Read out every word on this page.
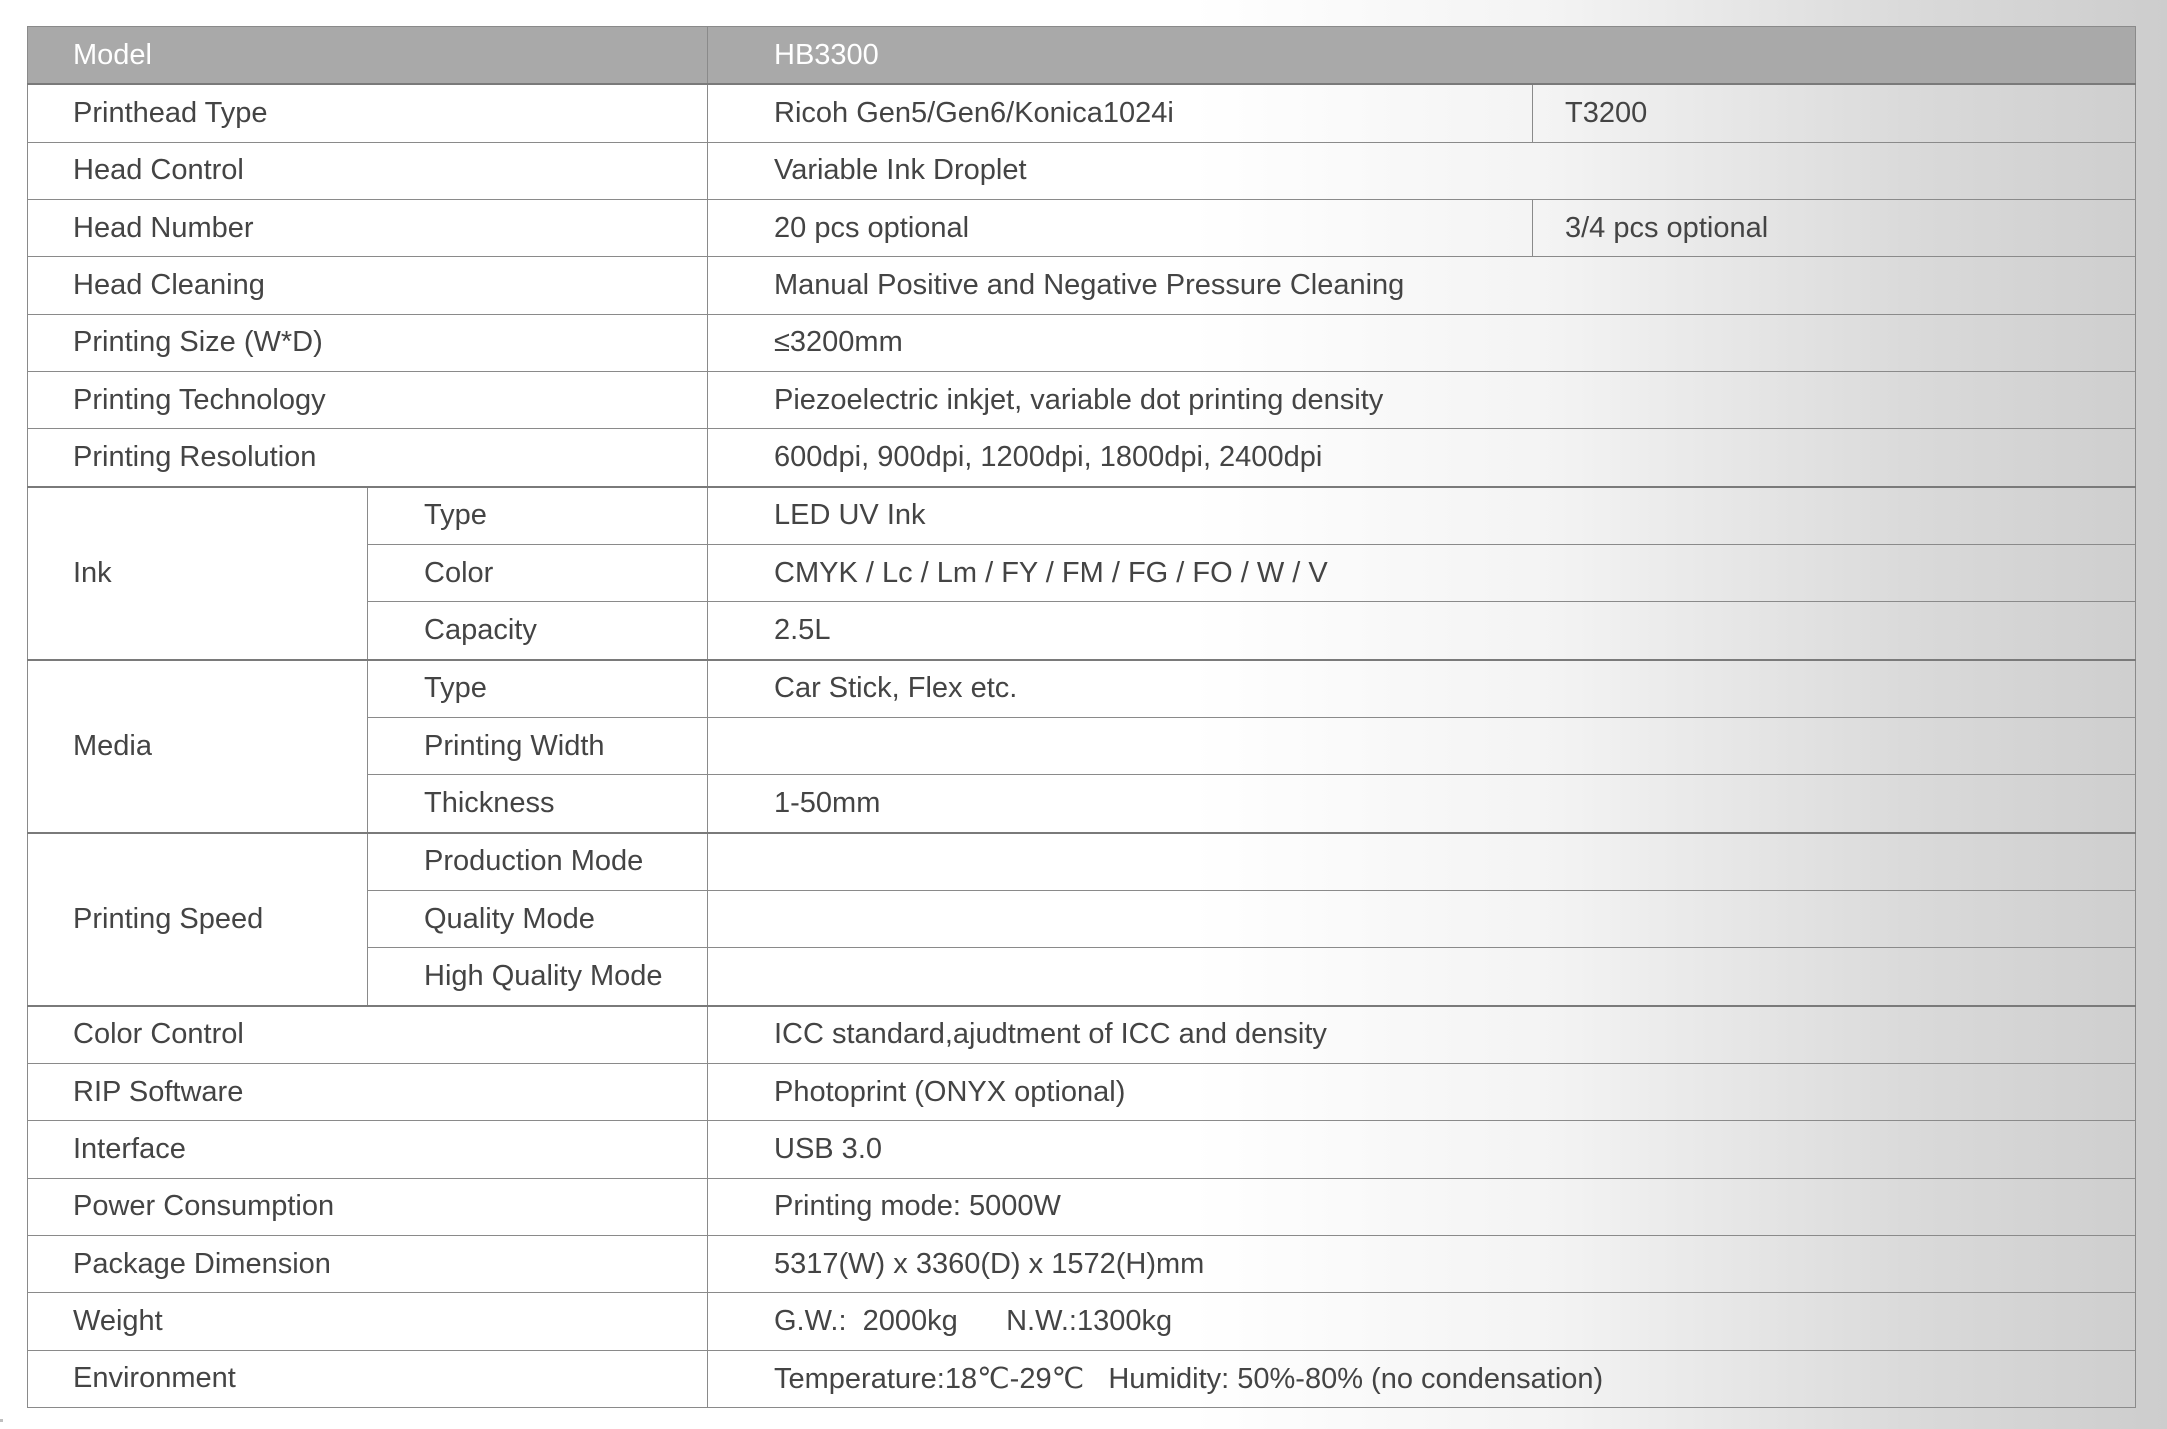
Model		HB3300	
Printhead Type		Ricoh Gen5/Gen6/Konica1024i	T3200
Head Control		Variable Ink Droplet	
Head Number		20 pcs optional	3/4 pcs optional
Head Cleaning		Manual Positive and Negative Pressure Cleaning	
Printing Size (W*D)		≤3200mm	
Printing Technology		Piezoelectric inkjet, variable dot printing density	
Printing Resolution		600dpi, 900dpi, 1200dpi, 1800dpi, 2400dpi	
Ink	Type	LED UV Ink	
	Color	CMYK / Lc / Lm / FY / FM / FG / FO / W / V	
	Capacity	2.5L	
Media	Type	Car Stick, Flex etc.	
	Printing Width		
	Thickness	1-50mm	
Printing Speed	Production Mode		
	Quality Mode		
	High Quality Mode		
Color Control		ICC standard,ajudtment of ICC and density	
RIP Software		Photoprint (ONYX optional)	
Interface		USB 3.0	
Power Consumption		Printing mode: 5000W	
Package Dimension		5317(W) x 3360(D) x 1572(H)mm	
Weight		G.W.:  2000kg      N.W.:1300kg	
Environment		Temperature:18℃-29℃   Humidity: 50%-80% (no condensation)	
